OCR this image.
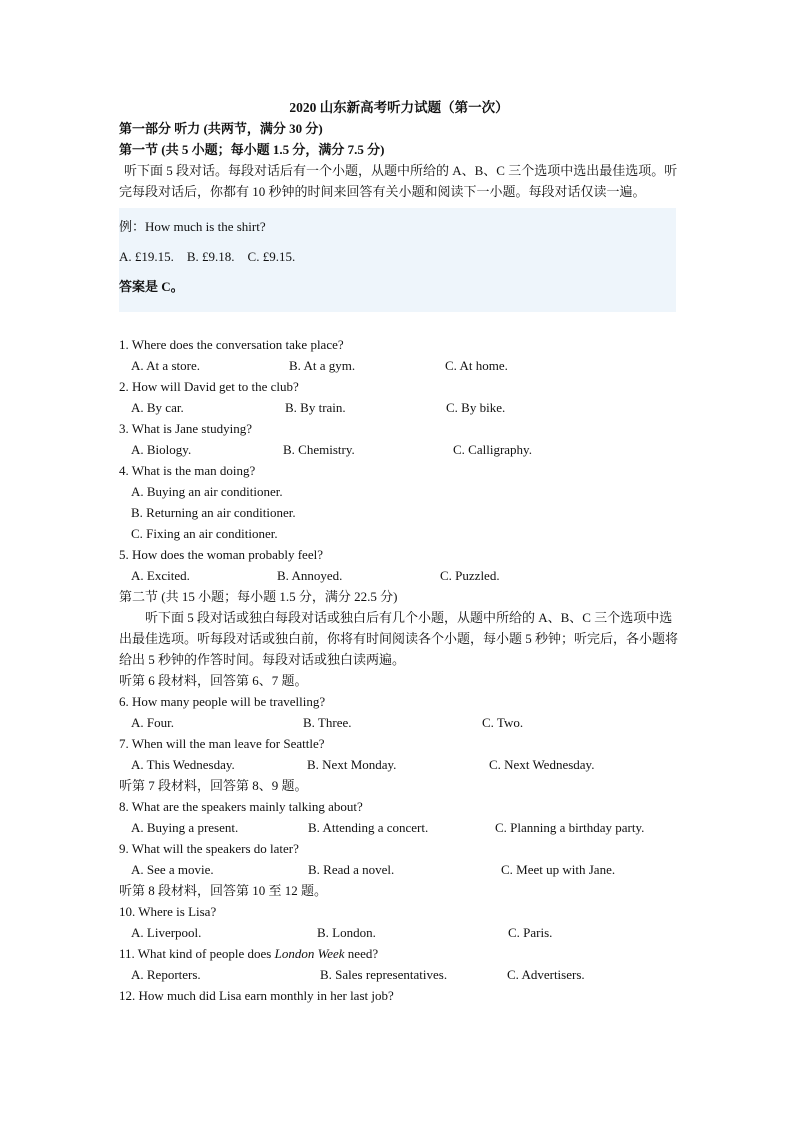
2020 山东新高考听力试题（第一次）
第一部分 听力 (共两节，满分 30 分)
第一节 (共 5 小题；每小题 1.5 分，满分 7.5 分)
听下面 5 段对话。每段对话后有一个小题，从题中所给的 A、B、C 三个选项中选出最佳选项。听完每段对话后，你都有 10 秒钟的时间来回答有关小题和阅读下一小题。每段对话仅读一遍。
例：How much is the shirt?
A. £19.15.    B. £9.18.    C. £9.15.
答案是 C。
1. Where does the conversation take place?
A. At a store.	B. At a gym.	C. At home.
2. How will David get to the club?
A. By car.	B. By train.	C. By bike.
3. What is Jane studying?
A. Biology.	B. Chemistry.	C. Calligraphy.
4. What is the man doing?
A. Buying an air conditioner.
B. Returning an air conditioner.
C. Fixing an air conditioner.
5. How does the woman probably feel?
A. Excited.	B. Annoyed.	C. Puzzled.
第二节 (共 15 小题；每小题 1.5 分，满分 22.5 分)
听下面 5 段对话或独白每段对话或独白后有几个小题，从题中所给的 A、B、C 三个选项中选出最佳选项。听每段对话或独白前，你将有时间阅读各个小题，每小题 5 秒钟；听完后，各小题将给出 5 秒钟的作答时间。每段对话或独白读两遍。
听第 6 段材料，回答第 6、7 题。
6. How many people will be travelling?
A. Four.	B. Three.	C. Two.
7. When will the man leave for Seattle?
A. This Wednesday.	B. Next Monday.	C. Next Wednesday.
听第 7 段材料，回答第 8、9 题。
8. What are the speakers mainly talking about?
A. Buying a present.	B. Attending a concert.	C. Planning a birthday party.
9. What will the speakers do later?
A. See a movie.	B. Read a novel.	C. Meet up with Jane.
听第 8 段材料，回答第 10 至 12 题。
10. Where is Lisa?
A. Liverpool.	B. London.	C. Paris.
11. What kind of people does London Week need?
A. Reporters.	B. Sales representatives.	C. Advertisers.
12. How much did Lisa earn monthly in her last job?
